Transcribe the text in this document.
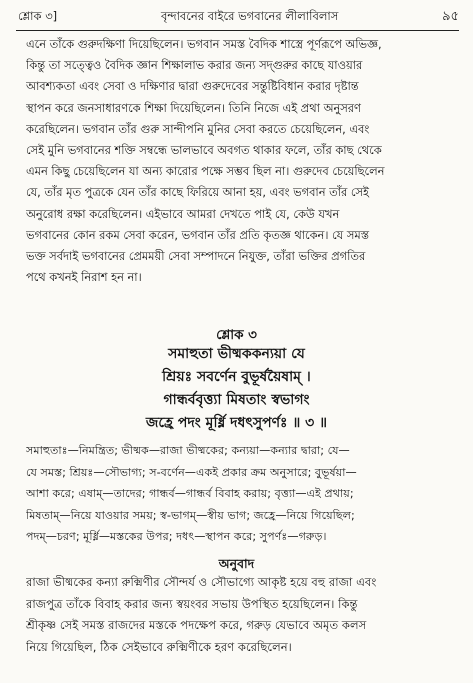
শ্লোক ৩]	বৃন্দাবনের বাইরে ভগবানের লীলাবিলাস	৯৫
এনে তাঁকে গুরুদক্ষিণা দিয়েছিলেন। ভগবান সমস্ত বৈদিক শাস্ত্রে পূর্ণরূপে অভিজ্ঞ,
কিন্তু তা সত্ত্বেও বৈদিক জ্ঞান শিক্ষালাভ করার জন্য সদ্গুরুর কাছে যাওয়ার
আবশ্যকতা এবং সেবা ও দক্ষিণার দ্বারা গুরুদেবের সন্তুষ্টিবিধান করার দৃষ্টান্ত
স্থাপন করে জনসাধারণকে শিক্ষা দিয়েছিলেন। তিনি নিজে এই প্রথা অনুসরণ
করেছিলেন। ভগবান তাঁর গুরু সান্দীপনি মুনির সেবা করতে চেয়েছিলেন, এবং
সেই মুনি ভগবানের শক্তি সম্বন্ধে ভালভাবে অবগত থাকার ফলে, তাঁর কাছ থেকে
এমন কিছু চেয়েছিলেন যা অন্য কারোর পক্ষে সম্ভব ছিল না। গুরুদেব চেয়েছিলেন
যে, তাঁর মৃত পুত্রকে যেন তাঁর কাছে ফিরিয়ে আনা হয়, এবং ভগবান তাঁর সেই
অনুরোধ রক্ষা করেছিলেন। এইভাবে আমরা দেখতে পাই যে, কেউ যখন
ভগবানের কোন রকম সেবা করেন, ভগবান তাঁর প্রতি কৃতজ্ঞ থাকেন। যে সমস্ত
ভক্ত সর্বদাই ভগবানের প্রেমময়ী সেবা সম্পাদনে নিযুক্ত, তাঁরা ভক্তির প্রগতির
পথে কখনই নিরাশ হন না।
শ্লোক ৩
সমাহুতা ভীষ্মককন্যয়া যে
শ্রিয়ঃ সবর্ণেন বুভূর্ষয়ৈষাম্ ।
গান্ধর্ববৃত্ত্যা মিষতাং স্বভাগং
জহ্রে পদং মূর্ধ্নি দধৎসুপর্ণঃ ॥ ৩ ॥
সমাহুতাঃ—নিমন্ত্রিত; ভীষ্মক—রাজা ভীষ্মকের; কন্যয়া—কন্যার দ্বারা; যে—
যে সমস্ত; শ্রিয়ঃ—সৌভাগ্য; স-বর্ণেন—একই প্রকার ক্রম অনুসারে; বুভূর্ষয়া—
আশা করে; এষাম্—তাদের; গান্ধর্ব—গান্ধর্ব বিবাহ করায়; বৃত্ত্যা—এই প্রথায়;
মিষতাম্—নিয়ে যাওয়ার সময়; স্ব-ভাগম্—স্বীয় ভাগ; জহ্রে—নিয়ে গিয়েছিল;
পদম্—চরণ; মূর্ধ্নি—মস্তকের উপর; দধৎ—স্থাপন করে; সুপর্ণঃ—গরুড়।
অনুবাদ
রাজা ভীষ্মকের কন্যা রুক্মিণীর সৌন্দর্য ও সৌভাগ্যে আকৃষ্ট হয়ে বহু রাজা এবং
রাজপুত্র তাঁকে বিবাহ করার জন্য স্বয়ংবর সভায় উপস্থিত হয়েছিলেন। কিন্তু
শ্রীকৃষ্ণ সেই সমস্ত রাজদের মস্তকে পদক্ষেপ করে, গরুড় যেভাবে অমৃত কলস
নিয়ে গিয়েছিল, ঠিক সেইভাবে রুক্মিণীকে হরণ করেছিলেন।
